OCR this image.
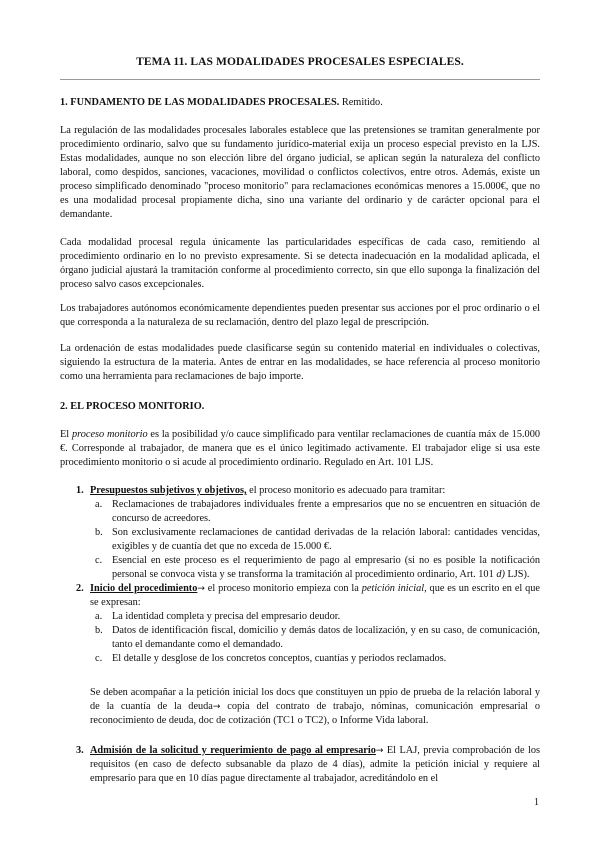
TEMA 11. LAS MODALIDADES PROCESALES ESPECIALES.

1. FUNDAMENTO DE LAS MODALIDADES PROCESALES. Remitido.

La regulación de las modalidades procesales laborales establece que las pretensiones se tramitan generalmente por procedimiento ordinario, salvo que su fundamento jurídico-material exija un proceso especial previsto en la LJS. Estas modalidades, aunque no son elección libre del órgano judicial, se aplican según la naturaleza del conflicto laboral, como despidos, sanciones, vacaciones, movilidad o conflictos colectivos, entre otros. Además, existe un proceso simplificado denominado "proceso monitorio" para reclamaciones económicas menores a 15.000€, que no es una modalidad procesal propiamente dicha, sino una variante del ordinario y de carácter opcional para el demandante.

Cada modalidad procesal regula únicamente las particularidades específicas de cada caso, remitiendo al procedimiento ordinario en lo no previsto expresamente. Si se detecta inadecuación en la modalidad aplicada, el órgano judicial ajustará la tramitación conforme al procedimiento correcto, sin que ello suponga la finalización del proceso salvo casos excepcionales.

Los trabajadores autónomos económicamente dependientes pueden presentar sus acciones por el proc ordinario o el que corresponda a la naturaleza de su reclamación, dentro del plazo legal de prescripción.

La ordenación de estas modalidades puede clasificarse según su contenido material en individuales o colectivas, siguiendo la estructura de la materia. Antes de entrar en las modalidades, se hace referencia al proceso monitorio como una herramienta para reclamaciones de bajo importe.

2. EL PROCESO MONITORIO.

El proceso monitorio es la posibilidad y/o cauce simplificado para ventilar reclamaciones de cuantía máx de 15.000 €. Corresponde al trabajador, de manera que es el único legitimado activamente. El trabajador elige si usa este procedimiento monitorio o si acude al procedimiento ordinario. Regulado en Art. 101 LJS.

1. Presupuestos subjetivos y objetivos, el proceso monitorio es adecuado para tramitar:
a. Reclamaciones de trabajadores individuales frente a empresarios que no se encuentren en situación de concurso de acreedores.
b. Son exclusivamente reclamaciones de cantidad derivadas de la relación laboral: cantidades vencidas, exigibles y de cuantía det que no exceda de 15.000 €.
c. Esencial en este proceso es el requerimiento de pago al empresario (si no es posible la notificación personal se convoca vista y se transforma la tramitación al procedimiento ordinario, Art. 101 d) LJS).
2. Inicio del procedimiento→ el proceso monitorio empieza con la petición inicial, que es un escrito en el que se expresan:
a. La identidad completa y precisa del empresario deudor.
b. Datos de identificación fiscal, domicilio y demás datos de localización, y en su caso, de comunicación, tanto el demandante como el demandado.
c. El detalle y desglose de los concretos conceptos, cuantías y periodos reclamados.

Se deben acompañar a la petición inicial los docs que constituyen un ppio de prueba de la relación laboral y de la cuantía de la deuda→ copia del contrato de trabajo, nóminas, comunicación empresarial o reconocimiento de deuda, doc de cotización (TC1 o TC2), o Informe Vida laboral.

3. Admisión de la solicitud y requerimiento de pago al empresario→ El LAJ, previa comprobación de los requisitos (en caso de defecto subsanable da plazo de 4 días), admite la petición inicial y requiere al empresario para que en 10 días pague directamente al trabajador, acreditándolo en el
1
